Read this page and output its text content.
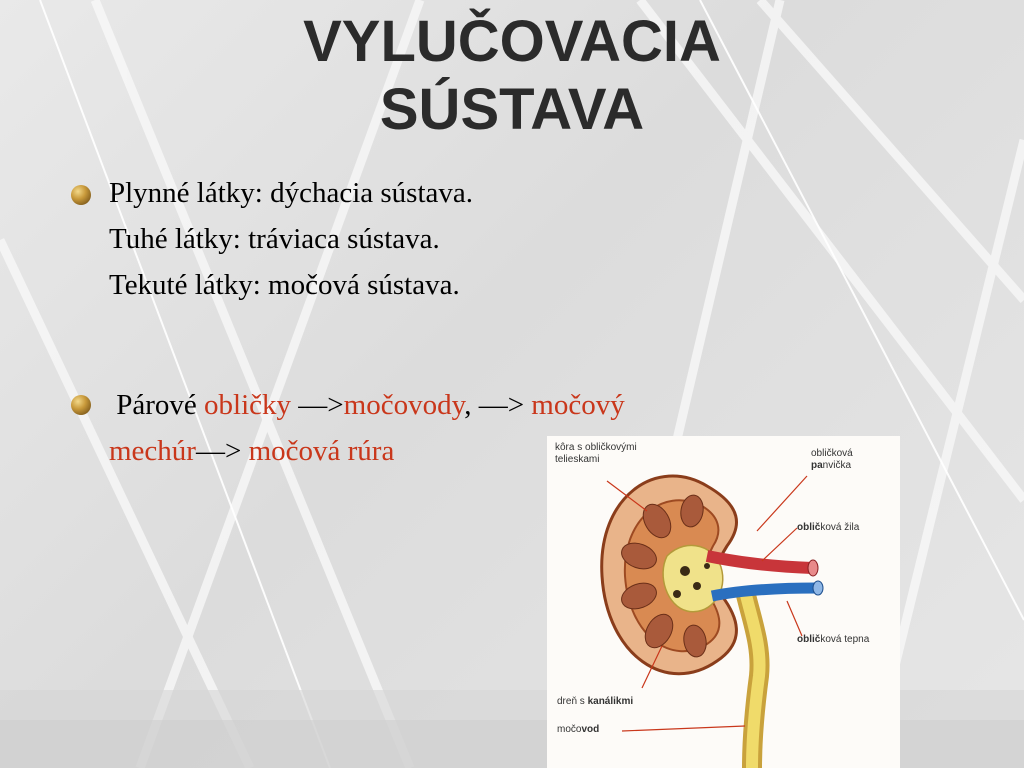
VYLUČOVACIA
SÚSTAVA
Plynné látky: dýchacia sústava.
Tuhé látky: tráviaca sústava.
Tekuté látky: močová sústava.
Párové obličky —>močovody, —> močový
mechúr—> močová rúra	kôra s obličkovými
telieskami
obličková
panvička
obličková žila
obličková tepna
dreň s kanálikmi
močovod
